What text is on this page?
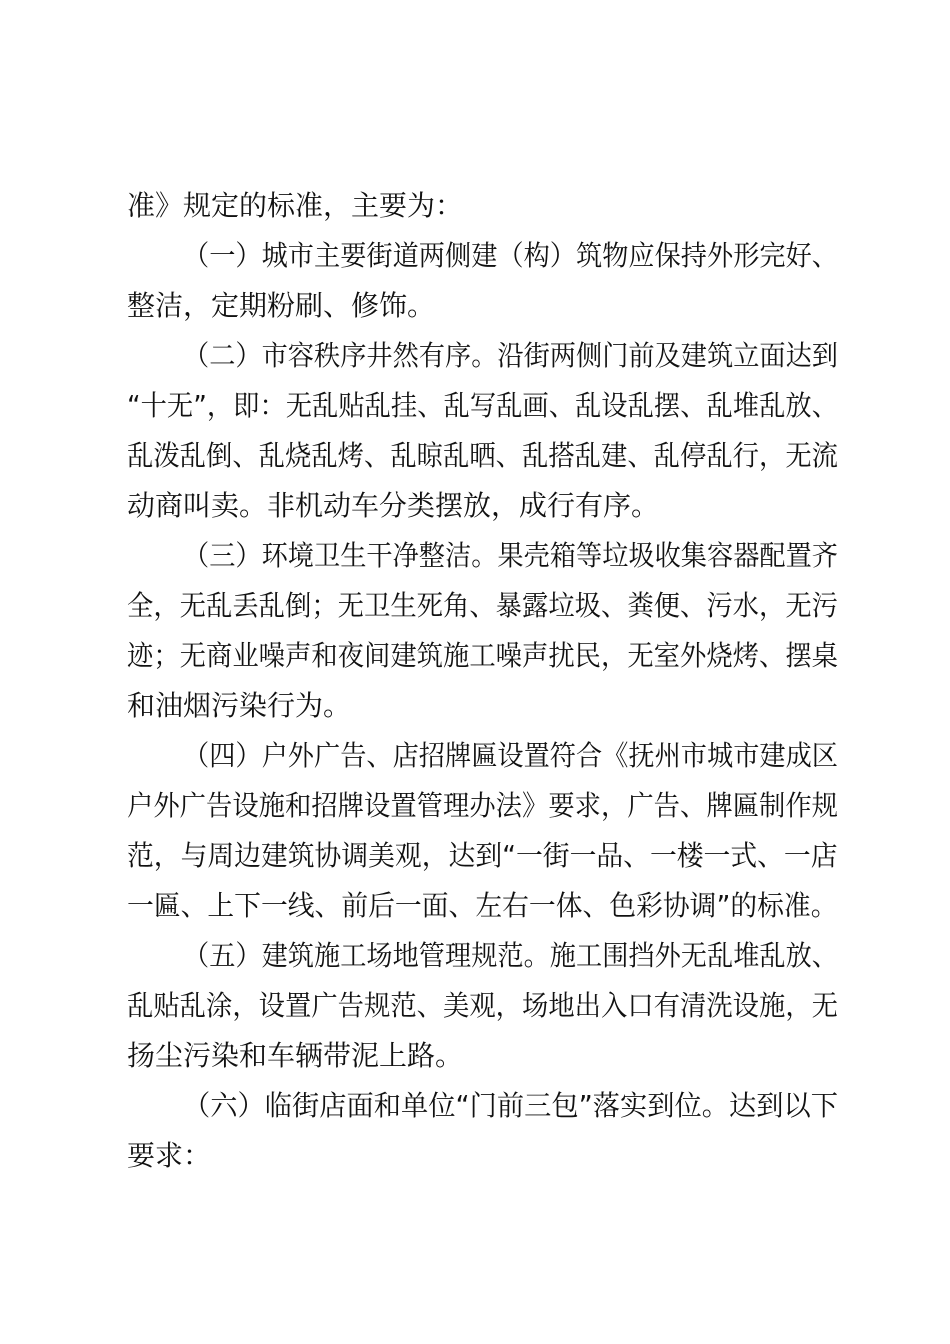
准》规定的标准，主要为：
（一）城市主要街道两侧建（构）筑物应保持外形完好、
整洁，定期粉刷、修饰。
（二）市容秩序井然有序。沿街两侧门前及建筑立面达到
“十无”，即：无乱贴乱挂、乱写乱画、乱设乱摆、乱堆乱放、
乱泼乱倒、乱烧乱烤、乱晾乱晒、乱搭乱建、乱停乱行，无流
动商叫卖。非机动车分类摆放，成行有序。
（三）环境卫生干净整洁。果壳箱等垃圾收集容器配置齐
全，无乱丢乱倒；无卫生死角、暴露垃圾、粪便、污水，无污
迹；无商业噪声和夜间建筑施工噪声扰民，无室外烧烤、摆桌
和油烟污染行为。
（四）户外广告、店招牌匾设置符合《抚州市城市建成区
户外广告设施和招牌设置管理办法》要求，广告、牌匾制作规
范，与周边建筑协调美观，达到“一街一品、一楼一式、一店
一匾、上下一线、前后一面、左右一体、色彩协调”的标准。
（五）建筑施工场地管理规范。施工围挡外无乱堆乱放、
乱贴乱涂，设置广告规范、美观，场地出入口有清洗设施，无
扬尘污染和车辆带泥上路。
（六）临街店面和单位“门前三包”落实到位。达到以下
要求：
